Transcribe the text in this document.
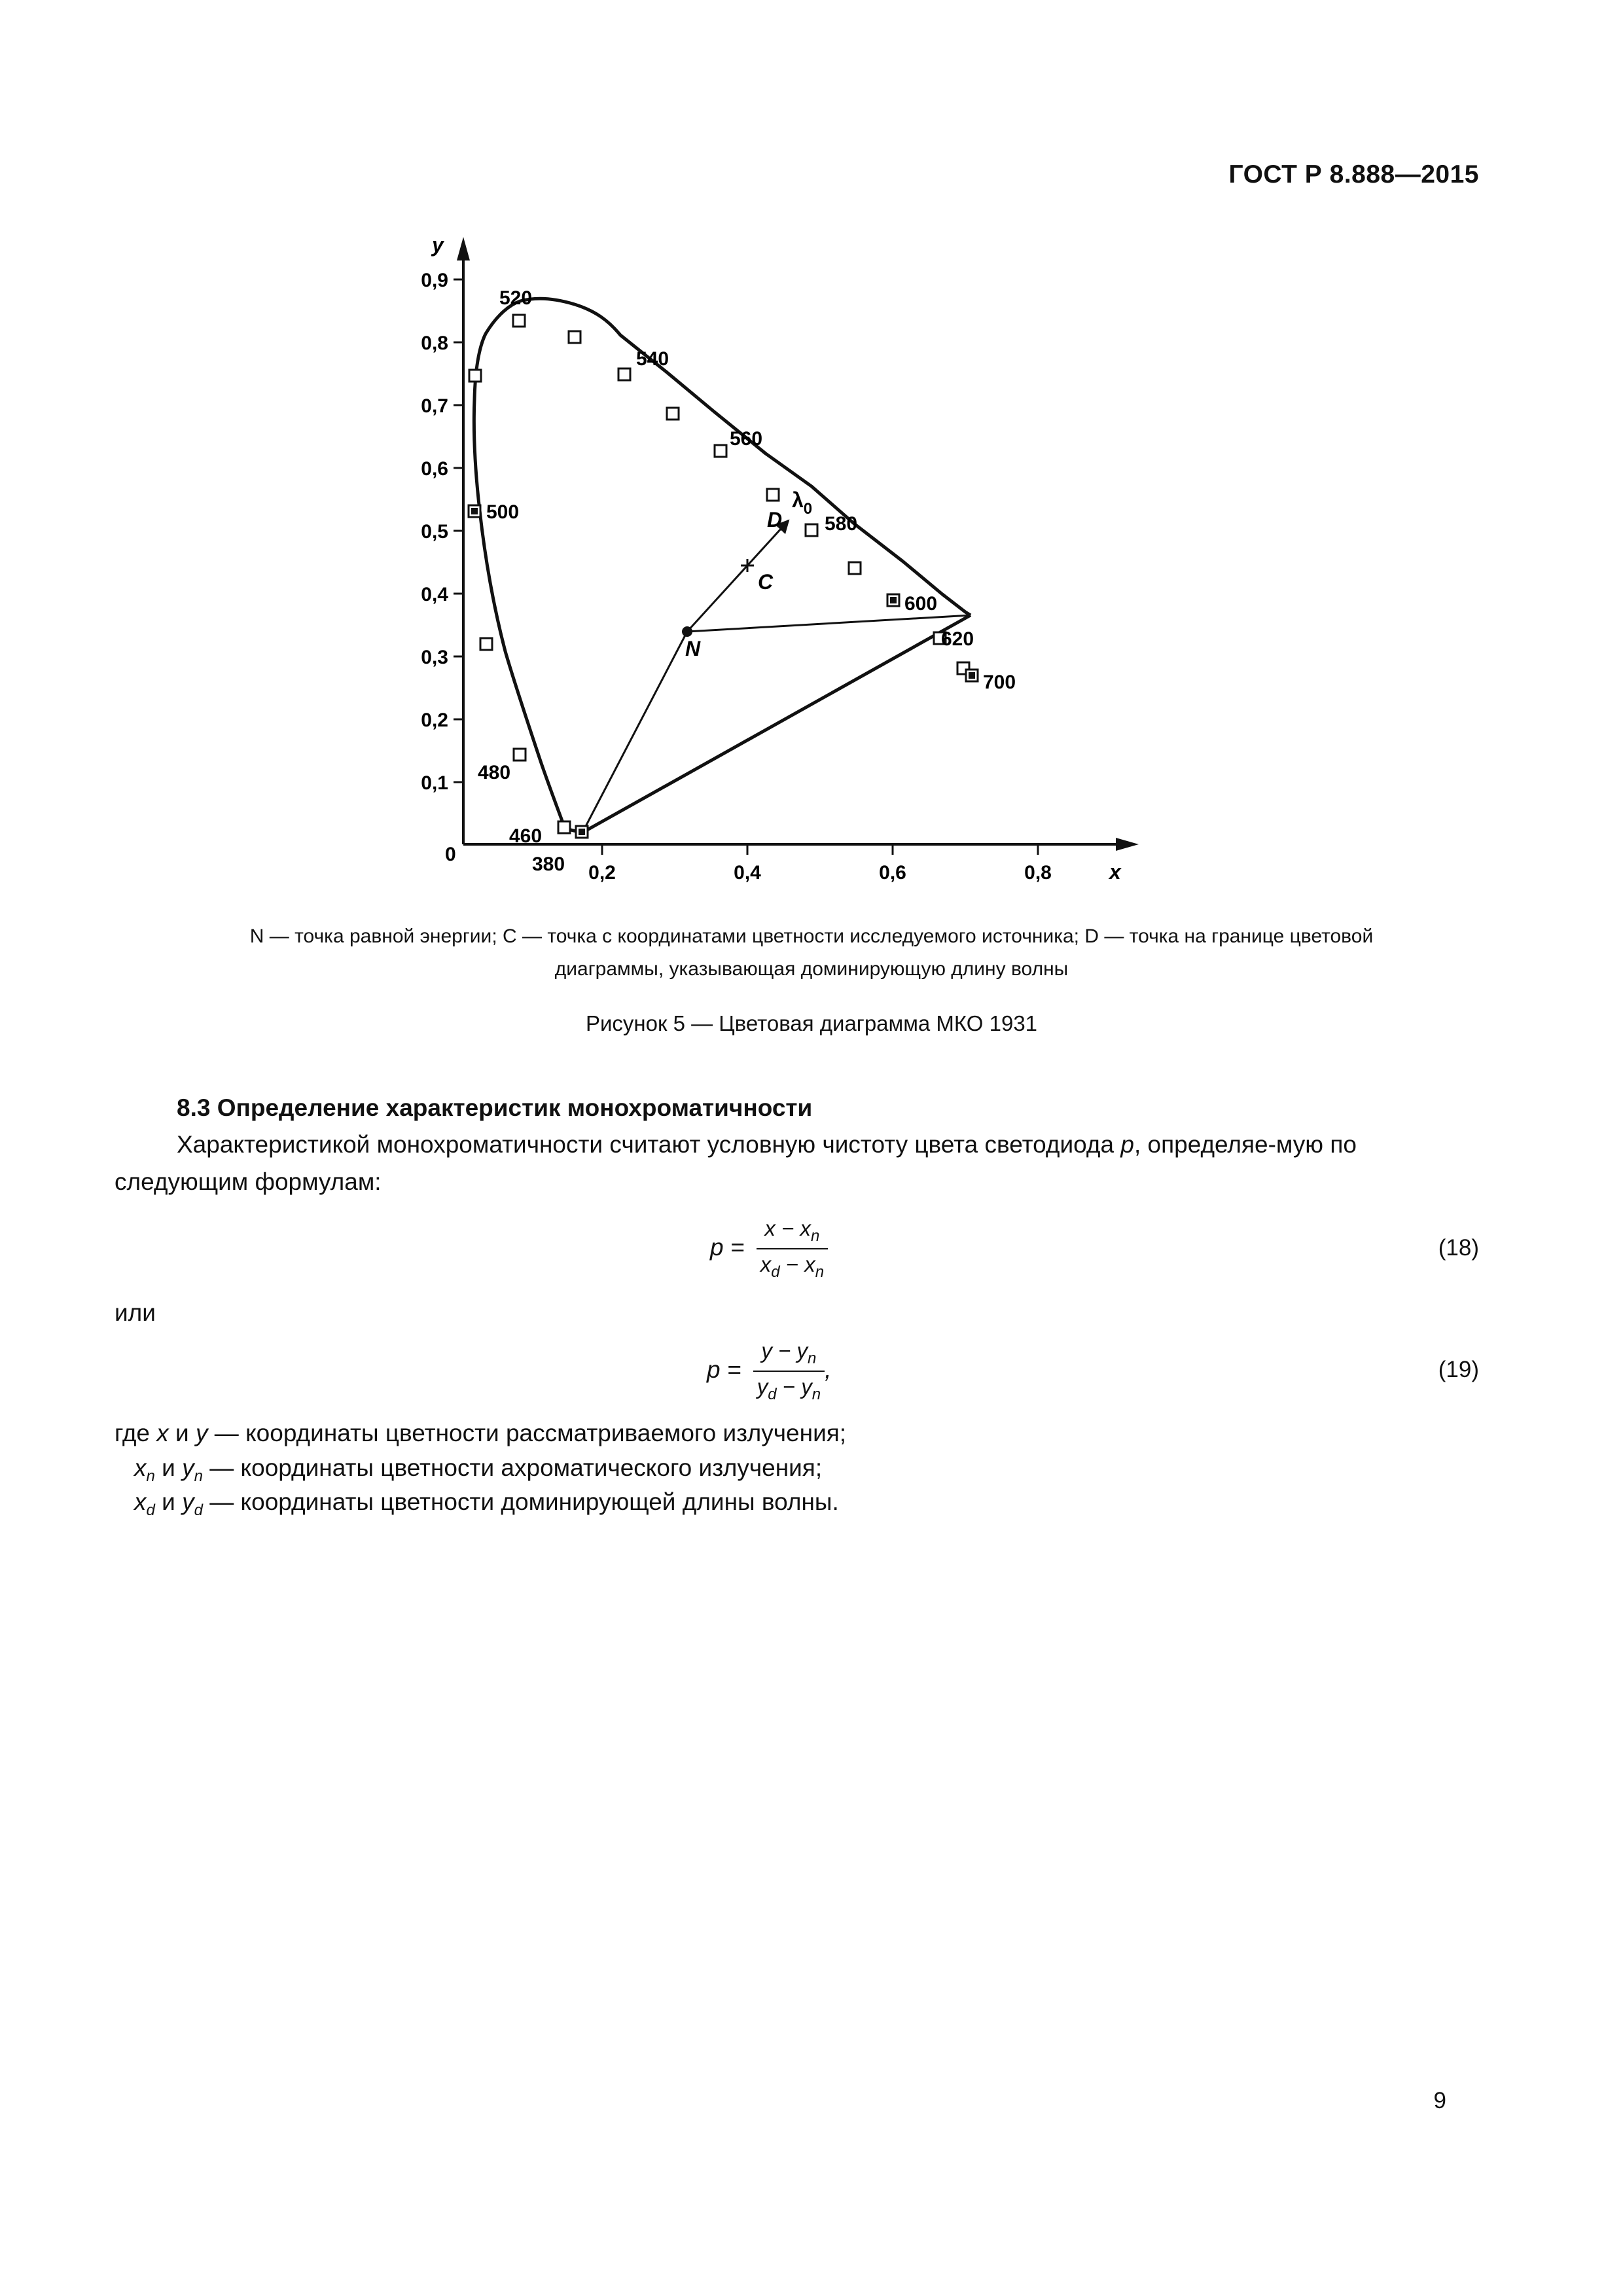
ГОСТ Р 8.888—2015
0,1
0,2
0,3
0,4
0,5
0,6
0,7
0,8
0,9
y
0,2	0,4	0,6	0,8
0
x
380
460
480
500
520
540
560
580
600
620
700
N
C
D
$\lambda_0$
N — точка равной энергии; C — точка с координатами цветности исследуемого источника; D — точка на границе цветовой
диаграммы, указывающая доминирующую длину волны
Рисунок 5 — Цветовая диаграмма МКО 1931
8.3 Определение характеристик монохроматичности
Характеристикой монохроматичности считают условную чистоту цвета светодиода p, определяе-мую по следующим формулам:
$p = \frac{x - x_n}{x_d - x_n}$	(18)
или
$p = \frac{y - y_n}{y_d - y_n}$ ,	(19)
где x и y — координаты цветности рассматриваемого излучения;
$x_n$ и $y_n$ — координаты цветности ахроматического излучения;
$x_d$ и $y_d$ — координаты цветности доминирующей длины волны.
9
